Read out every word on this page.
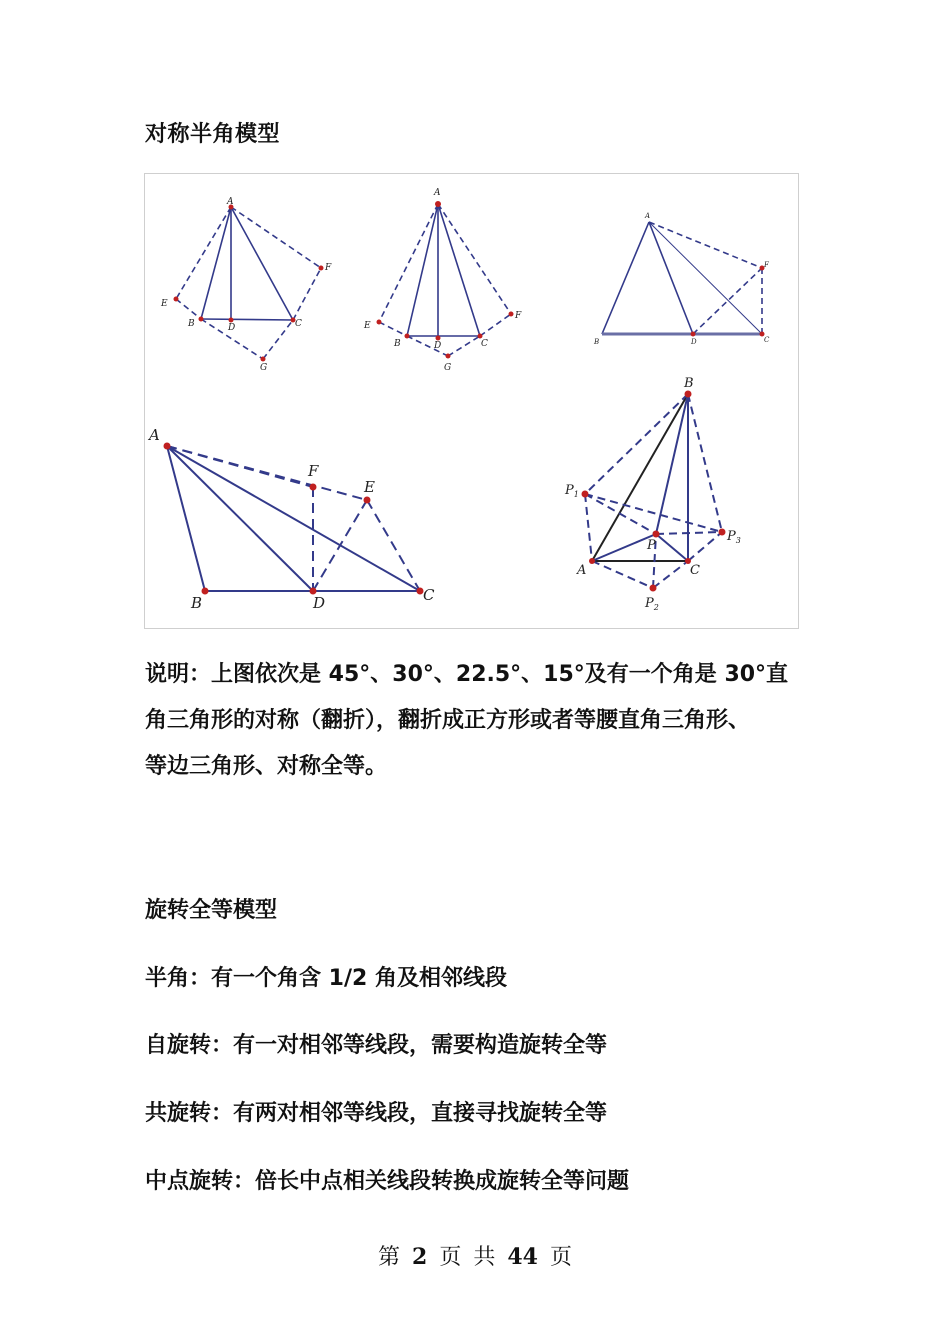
对称半角模型
A
E
F
B	D	C
G
A
E
F
B	D	C
G
A
F
B	D	C
A
F
E
B	D	C
B
P
A	C
$P_1$
$P_2$
$P_3$

说明：上图依次是 45°、30°、22.5°、15°及有一个角是 30°直

角三角形的对称（翻折），翻折成正方形或者等腰直角三角形、

等边三角形、对称全等。

旋转全等模型
半角：有一个角含 1/2 角及相邻线段
自旋转：有一对相邻等线段，需要构造旋转全等
共旋转：有两对相邻等线段，直接寻找旋转全等
中点旋转：倍长中点相关线段转换成旋转全等问题
第 2 页 共 44 页
